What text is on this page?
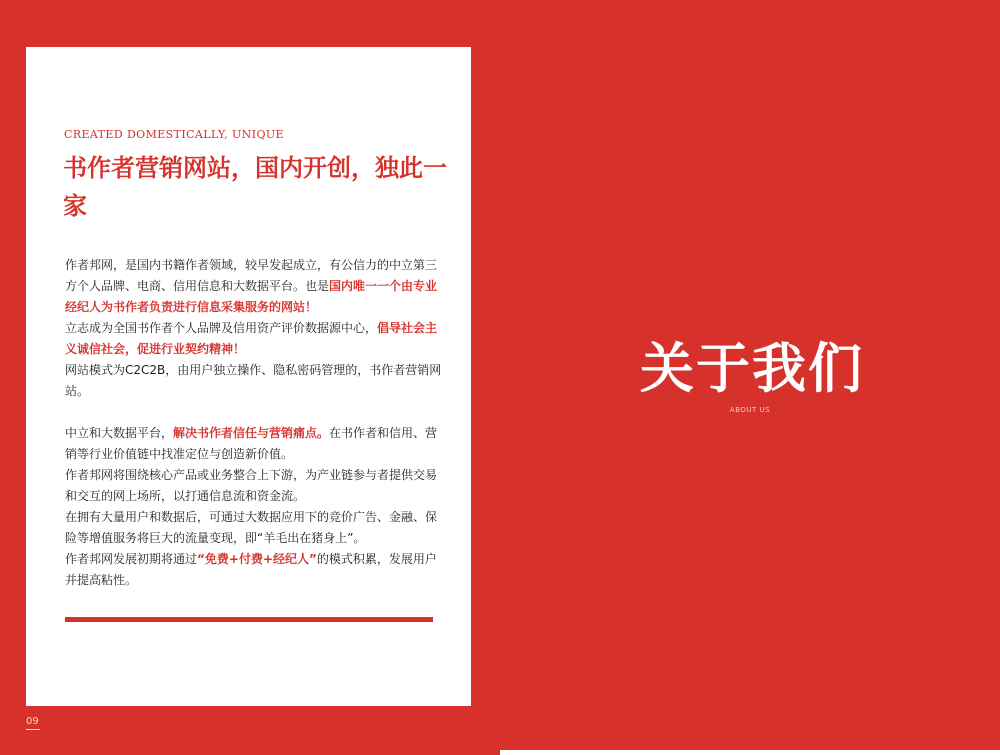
CREATED DOMESTICALLY, UNIQUE
书作者营销网站，国内开创，独此一家

作者邦网，是国内书籍作者领域，较早发起成立，有公信力的中立第三方个人品牌、电商、信用信息和大数据平台。也是国内唯一一个由专业经纪人为书作者负责进行信息采集服务的网站！

立志成为全国书作者个人品牌及信用资产评价数据源中心，倡导社会主义诚信社会，促进行业契约精神！

网站模式为C2C2B，由用户独立操作、隐私密码管理的，书作者营销网站。

中立和大数据平台，解决书作者信任与营销痛点。在书作者和信用、营销等行业价值链中找准定位与创造新价值。

作者邦网将围绕核心产品或业务整合上下游，为产业链参与者提供交易和交互的网上场所，以打通信息流和资金流。

在拥有大量用户和数据后，可通过大数据应用下的竞价广告、金融、保险等增值服务将巨大的流量变现，即“羊毛出在猪身上”。

作者邦网发展初期将通过“免费+付费+经纪人”的模式积累，发展用户并提高粘性。

关于我们
ABOUT US
09
